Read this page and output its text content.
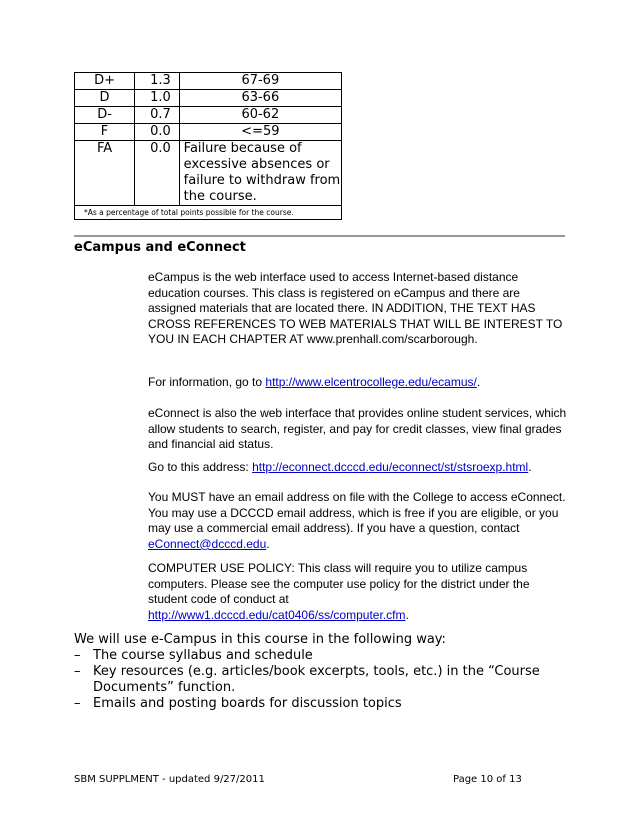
D+	1.3	67-69
D	1.0	63-66
D-	0.7	60-62
F	0.0	<=59
FA	0.0	Failure because of excessive absences or failure to withdraw from the course.
*As a percentage of total points possible for the course.		
eCampus and eConnect

eCampus is the web interface used to access Internet-based distance education courses. This class is registered on eCampus and there are assigned materials that are located there. IN ADDITION, THE TEXT HAS CROSS REFERENCES TO WEB MATERIALS THAT WILL BE INTEREST TO YOU IN EACH CHAPTER AT www.prenhall.com/scarborough.

For information, go to http://www.elcentrocollege.edu/ecamus/.

eConnect is also the web interface that provides online student services, which allow students to search, register, and pay for credit classes, view final grades and financial aid status.

Go to this address: http://econnect.dcccd.edu/econnect/st/stsroexp.html.

You MUST have an email address on file with the College to access eConnect. You may use a DCCCD email address, which is free if you are eligible, or you may use a commercial email address). If you have a question, contact eConnect@dcccd.edu.

COMPUTER USE POLICY: This class will require you to utilize campus computers. Please see the computer use policy for the district under the student code of conduct at
http://www1.dcccd.edu/cat0406/ss/computer.cfm.

We will use e-Campus in this course in the following way:

– The course syllabus and schedule
– Key resources (e.g. articles/book excerpts, tools, etc.) in the “Course Documents” function.
– Emails and posting boards for discussion topics
SBM SUPPLMENT - updated 9/27/2011	Page 10 of 13
